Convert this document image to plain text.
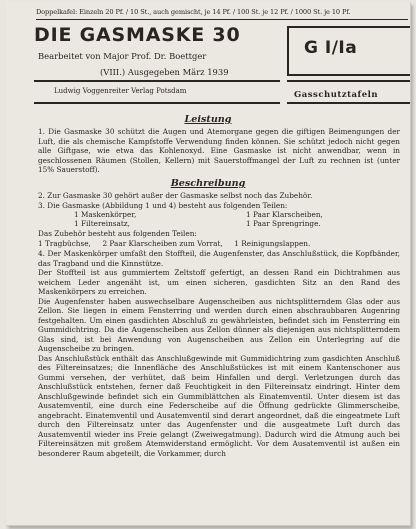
Doppelkafel: Einzeln 20 Pf. / 10 St., auch gemischt, je 14 Pf. / 100 St. je 12 Pf. / 1000 St. je 10 Pf.
DIE GASMASKE 30
G I/Ia
Bearbeitet von Major Prof. Dr. Boettger
(VIII.) Ausgegeben März 1939
Ludwig Voggenreiter Verlag Potsdam	Gasschutztafeln
Leistung

1. Die Gasmaske 30 schützt die Augen und Atemorgane gegen die giftigen Beimengungen der Luft, die als chemische Kampfstoffe Verwendung finden können. Sie schützt jedoch nicht gegen alle Giftgase, wie etwa das Kohlenoxyd. Eine Gasmaske ist nicht anwendbar, wenn in geschlossenen Räumen (Stollen, Kellern) mit Sauerstoffmangel der Luft zu rechnen ist (unter 15% Sauerstoff).

Beschreibung

2. Zur Gasmaske 30 gehört außer der Gasmaske selbst noch das Zubehör.

3. Die Gasmaske (Abbildung 1 und 4) besteht aus folgenden Teilen:

1 Maskenkörper,
1 Filtereinsatz,
1 Paar Klarscheiben,
1 Paar Sprengringe.
Das Zubehör besteht aus folgenden Teilen:
1 Tragbüchse,     2 Paar Klarscheiben zum Vorrat,     1 Reinigungslappen.

4. Der Maskenkörper umfaßt den Stoffteil, die Augenfenster, das Anschlußstück, die Kopfbänder, das Tragband und die Kinnstütze.

Der Stoffteil ist aus gummiertem Zeltstoff gefertigt, an dessen Rand ein Dichtrahmen aus weichem Leder angenäht ist, um einen sicheren, gasdichten Sitz an den Rand des Maskenkörpers zu erreichen.

Die Augenfenster haben auswechselbare Augenscheiben aus nichtsplitterndem Glas oder aus Zellon. Sie liegen in einem Fensterring und werden durch einen abschraubbaren Augenring festgehalten. Um einen gasdichten Abschluß zu gewährleisten, befindet sich im Fensterring ein Gummidichtring. Da die Augenscheiben aus Zellon dünner als diejenigen aus nichtsplitterndem Glas sind, ist bei Anwendung von Augenscheiben aus Zellon ein Unterlegring auf die Augenscheibe zu bringen.

Das Anschlußstück enthält das Anschlußgewinde mit Gummidichtring zum gasdichten Anschluß des Filtereinsatzes; die Innenfläche des Anschlußstückes ist mit einem Kantenschoner aus Gummi versehen, der verhütet, daß beim Hinfallen und dergl. Verletzungen durch das Anschlußstück entstehen, ferner daß Feuchtigkeit in den Filtereinsatz eindringt. Hinter dem Anschlußgewinde befindet sich ein Gummiblättchen als Einatemventil. Unter diesem ist das Ausatemventil, eine durch eine Federscheibe auf die Öffnung gedrückte Glimmerscheibe, angebracht. Einatemventil und Ausatemventil sind derart angeordnet, daß die eingeatmete Luft durch den Filtereinsatz unter das Augenfenster und die ausgeatmete Luft durch das Ausatemventil wieder ins Freie gelangt (Zweiwegatmung). Dadurch wird die Atmung auch bei Filtereinsätzen mit großem Atemwiderstand ermöglicht. Vor dem Ausatemventil ist außen ein besonderer Raum abgeteilt, die Vorkammer, durch
